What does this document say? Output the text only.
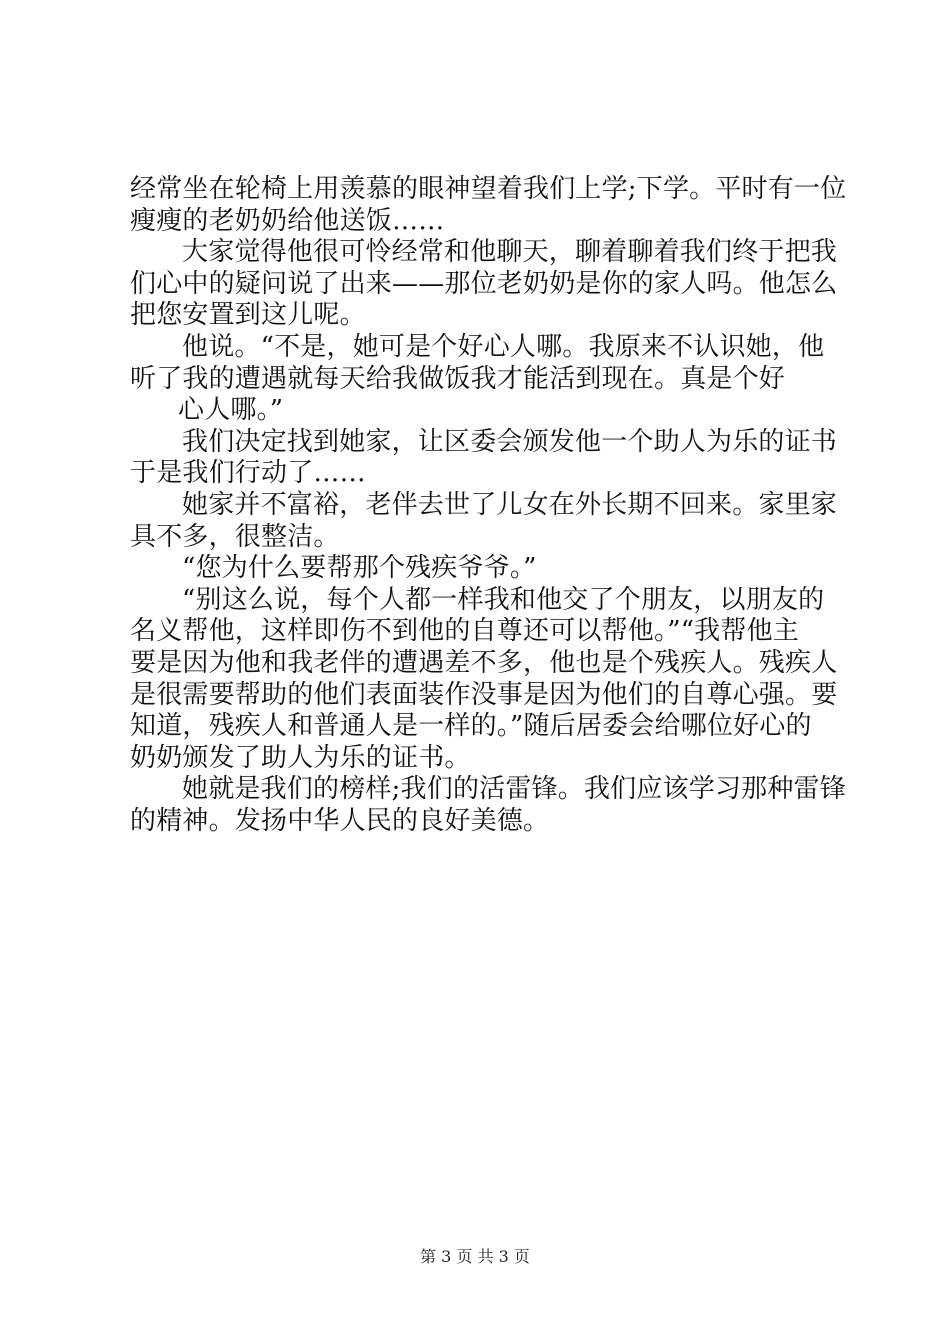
经常坐在轮椅上用羡慕的眼神望着我们上学;下学。平时有一位
瘦瘦的老奶奶给他送饭……
大家觉得他很可怜经常和他聊天，聊着聊着我们终于把我
们心中的疑问说了出来——那位老奶奶是你的家人吗。他怎么
把您安置到这儿呢。
他说。“不是，她可是个好心人哪。我原来不认识她，他
听了我的遭遇就每天给我做饭我才能活到现在。真是个好
心人哪。”
我们决定找到她家，让区委会颁发他一个助人为乐的证书
于是我们行动了……
她家并不富裕，老伴去世了儿女在外长期不回来。家里家
具不多，很整洁。
“您为什么要帮那个残疾爷爷。”
“别这么说，每个人都一样我和他交了个朋友，以朋友的
名义帮他，这样即伤不到他的自尊还可以帮他。”“我帮他主
要是因为他和我老伴的遭遇差不多，他也是个残疾人。残疾人
是很需要帮助的他们表面装作没事是因为他们的自尊心强。要
知道，残疾人和普通人是一样的。”随后居委会给哪位好心的
奶奶颁发了助人为乐的证书。
她就是我们的榜样;我们的活雷锋。我们应该学习那种雷锋
的精神。发扬中华人民的良好美德。
第 3 页 共 3 页
